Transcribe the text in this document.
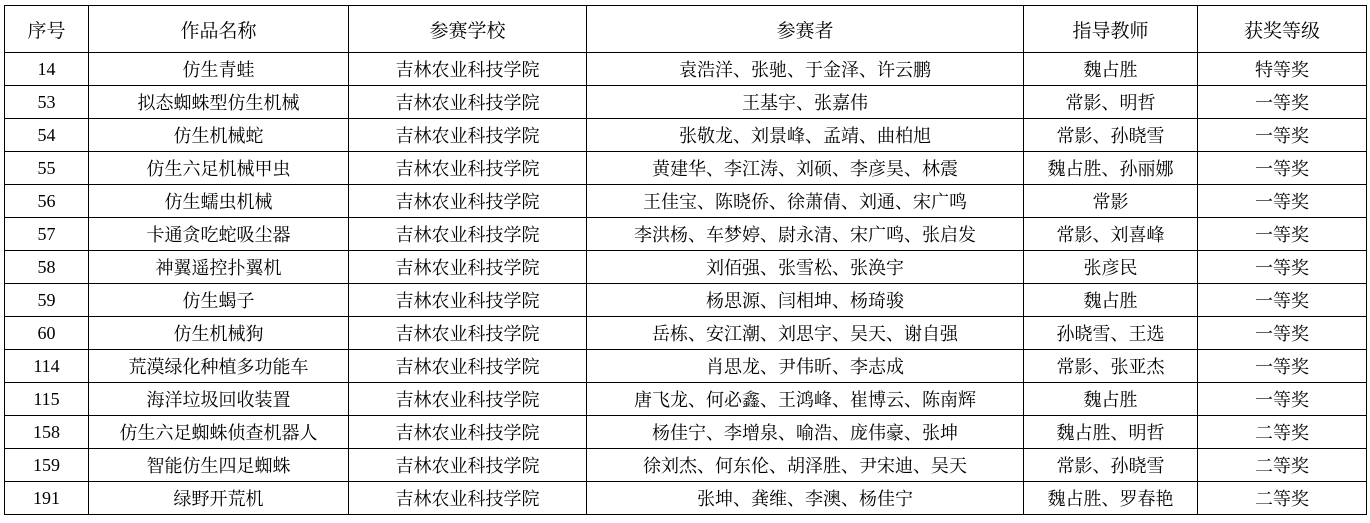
序号	作品名称	参赛学校	参赛者	指导教师	获奖等级
14	仿生青蛙	吉林农业科技学院	袁浩洋、张驰、于金泽、许云鹏	魏占胜	特等奖
53	拟态蜘蛛型仿生机械	吉林农业科技学院	王基宇、张嘉伟	常影、明哲	一等奖
54	仿生机械蛇	吉林农业科技学院	张敬龙、刘景峰、孟靖、曲柏旭	常影、孙晓雪	一等奖
55	仿生六足机械甲虫	吉林农业科技学院	黄建华、李江涛、刘硕、李彦昊、林震	魏占胜、孙丽娜	一等奖
56	仿生蠕虫机械	吉林农业科技学院	王佳宝、陈晓侨、徐萧倩、刘通、宋广鸣	常影	一等奖
57	卡通贪吃蛇吸尘器	吉林农业科技学院	李洪杨、车梦婷、尉永清、宋广鸣、张启发	常影、刘喜峰	一等奖
58	神翼遥控扑翼机	吉林农业科技学院	刘佰强、张雪松、张涣宇	张彦民	一等奖
59	仿生蝎子	吉林农业科技学院	杨思源、闫相坤、杨琦骏	魏占胜	一等奖
60	仿生机械狗	吉林农业科技学院	岳栋、安江潮、刘思宇、吴天、谢自强	孙晓雪、王选	一等奖
114	荒漠绿化种植多功能车	吉林农业科技学院	肖思龙、尹伟昕、李志成	常影、张亚杰	一等奖
115	海洋垃圾回收装置	吉林农业科技学院	唐飞龙、何必鑫、王鸿峰、崔博云、陈南辉	魏占胜	一等奖
158	仿生六足蜘蛛侦查机器人	吉林农业科技学院	杨佳宁、李增泉、喻浩、庞伟豪、张坤	魏占胜、明哲	二等奖
159	智能仿生四足蜘蛛	吉林农业科技学院	徐刘杰、何东伦、胡泽胜、尹宋迪、吴天	常影、孙晓雪	二等奖
191	绿野开荒机	吉林农业科技学院	张坤、龚维、李澳、杨佳宁	魏占胜、罗春艳	二等奖
